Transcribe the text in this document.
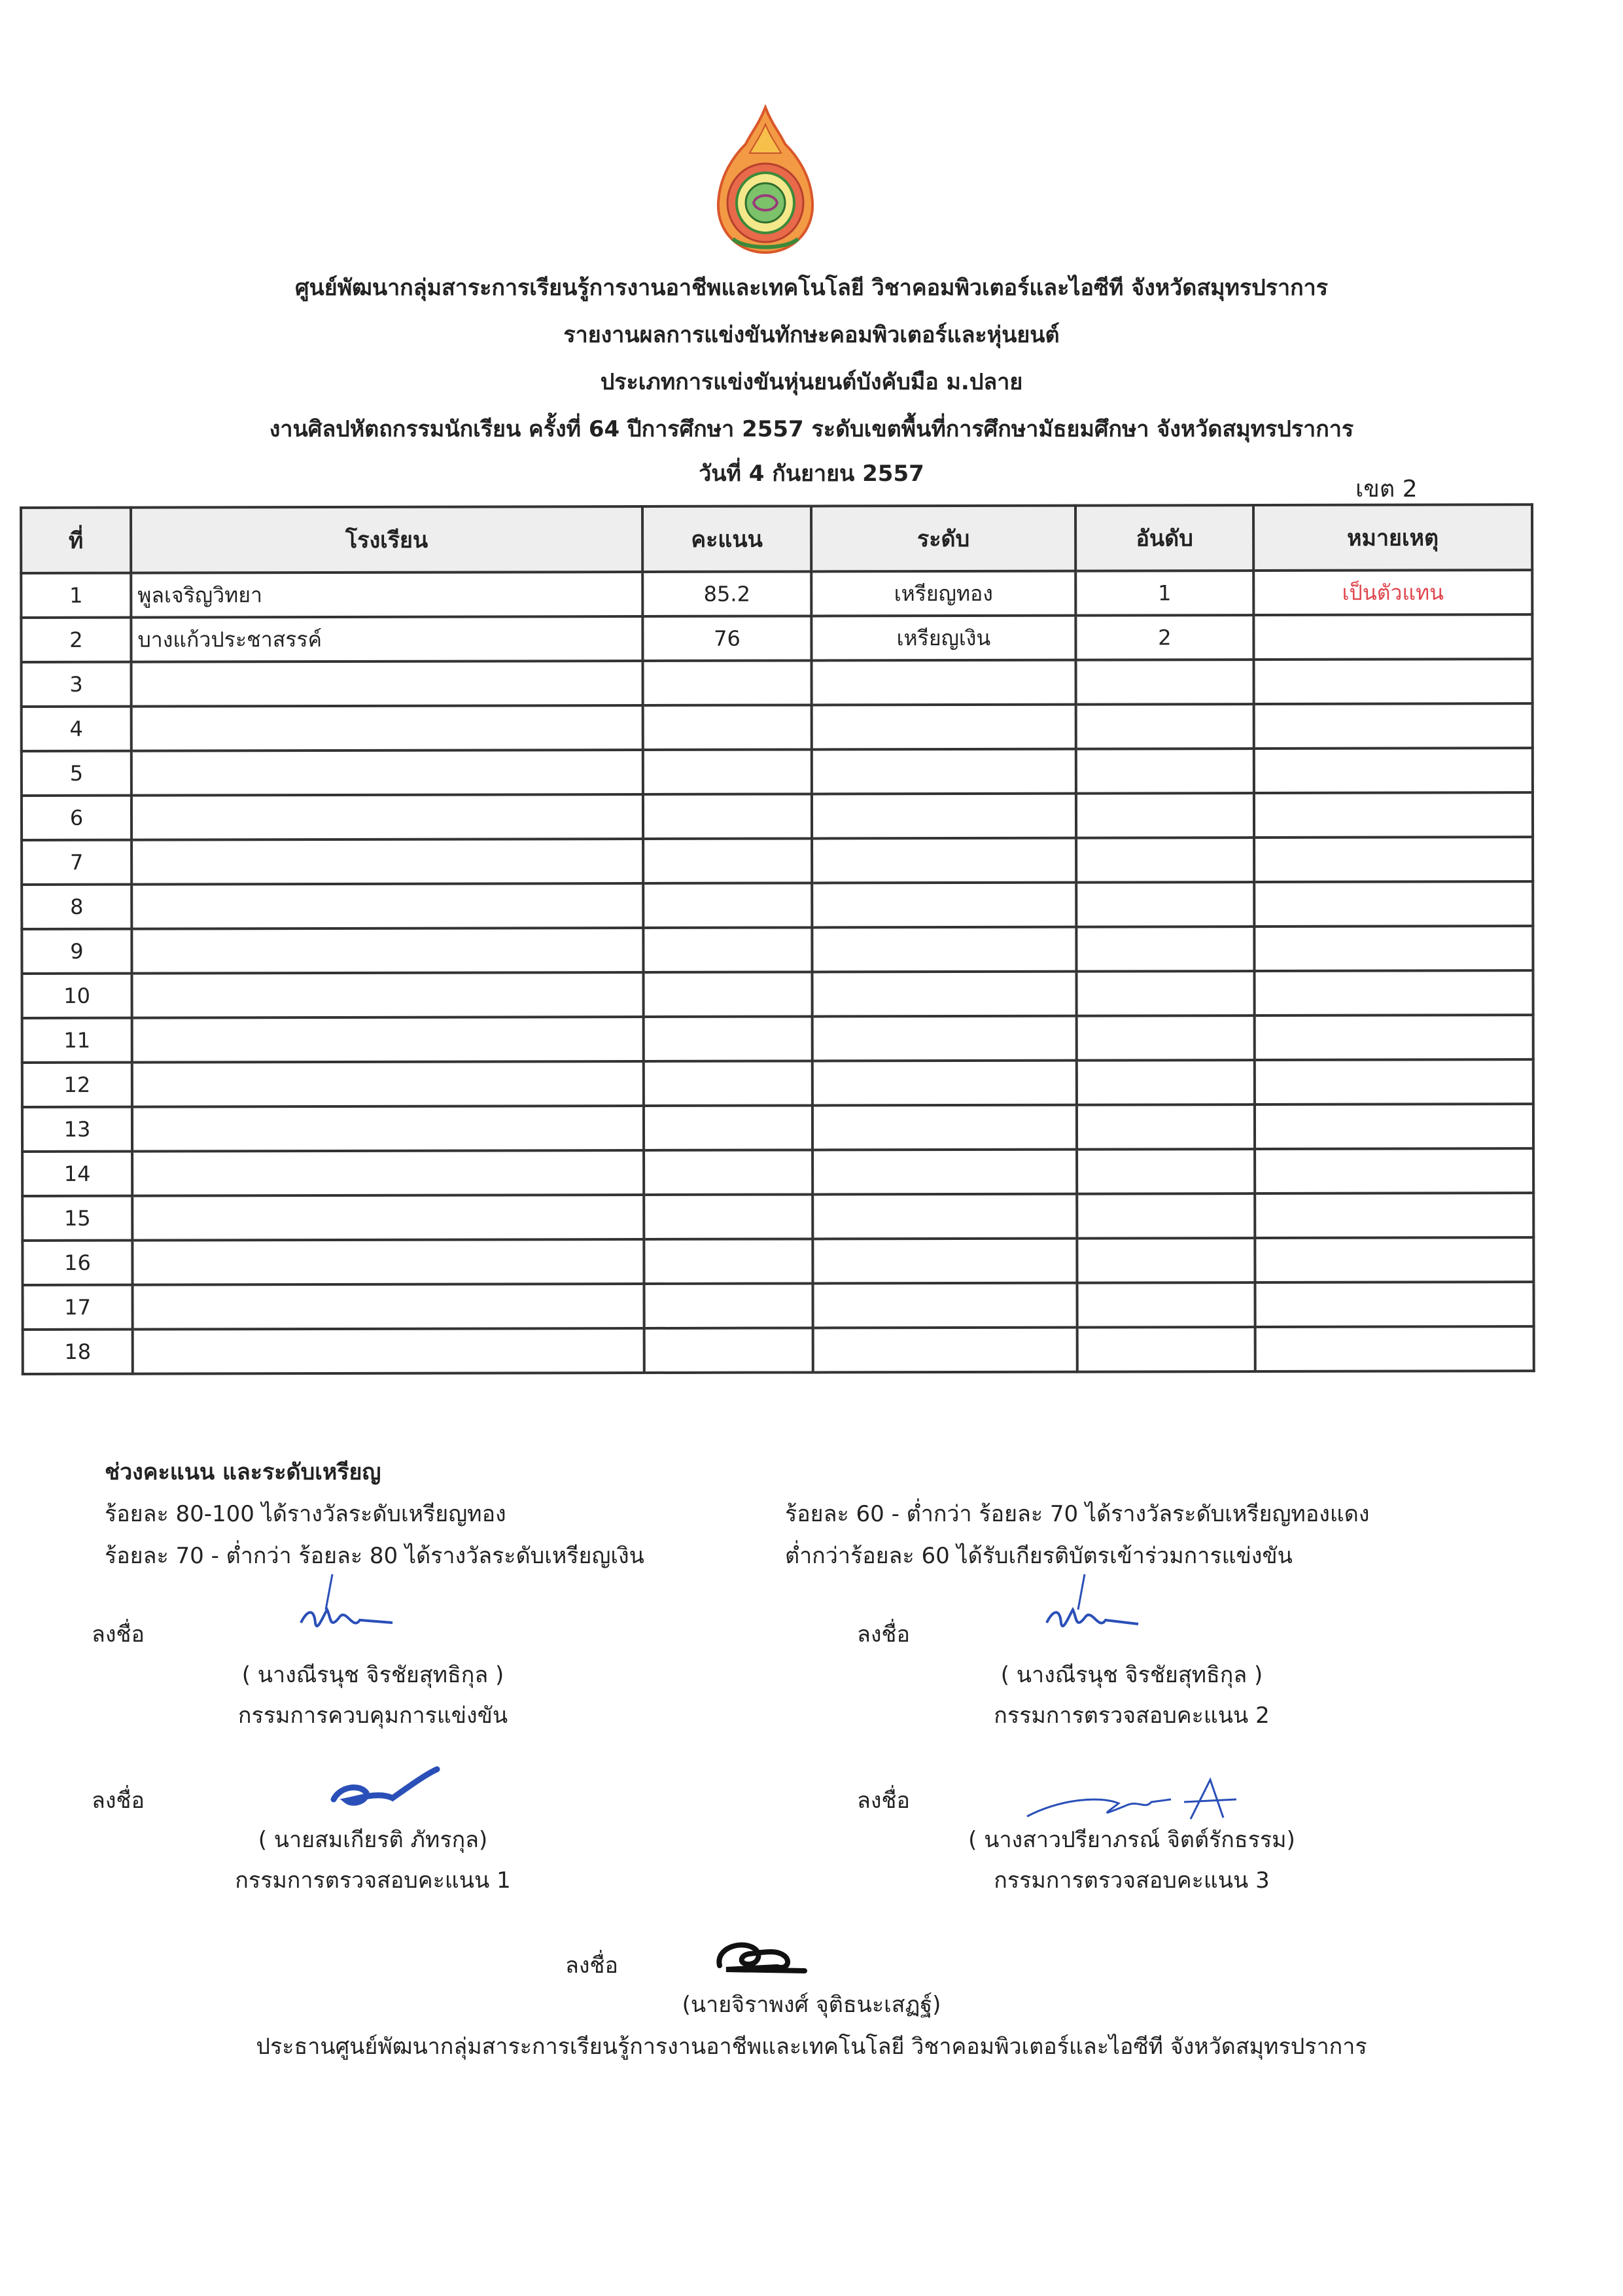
ศูนย์พัฒนากลุ่มสาระการเรียนรู้การงานอาชีพและเทคโนโลยี วิชาคอมพิวเตอร์และไอซีที จังหวัดสมุทรปราการ
รายงานผลการแข่งขันทักษะคอมพิวเตอร์และหุ่นยนต์
ประเภทการแข่งขันหุ่นยนต์บังคับมือ ม.ปลาย
งานศิลปหัตถกรรมนักเรียน ครั้งที่ 64 ปีการศึกษา 2557 ระดับเขตพื้นที่การศึกษามัธยมศึกษา จังหวัดสมุทรปราการ
วันที่ 4 กันยายน 2557
เขต 2
ที่	โรงเรียน	คะแนน	ระดับ	อันดับ	หมายเหตุ
1	พูลเจริญวิทยา	85.2	เหรียญทอง	1	เป็นตัวแทน
2	บางแก้วประชาสรรค์	76	เหรียญเงิน	2	
3					
4					
5					
6					
7					
8					
9					
10					
11					
12					
13					
14					
15					
16					
17					
18					
ช่วงคะแนน และระดับเหรียญ
ร้อยละ 80-100 ได้รางวัลระดับเหรียญทอง
ร้อยละ 70 - ต่ำกว่า ร้อยละ 80 ได้รางวัลระดับเหรียญเงิน
ร้อยละ 60 - ต่ำกว่า ร้อยละ 70 ได้รางวัลระดับเหรียญทองแดง
ต่ำกว่าร้อยละ 60 ได้รับเกียรติบัตรเข้าร่วมการแข่งขัน
ลงชื่อ
( นางณีรนุช จิรชัยสุทธิกุล )
กรรมการควบคุมการแข่งขัน
ลงชื่อ
( นางณีรนุช จิรชัยสุทธิกุล )
กรรมการตรวจสอบคะแนน 2
ลงชื่อ
( นายสมเกียรติ ภัทรกุล)
กรรมการตรวจสอบคะแนน 1
ลงชื่อ
( นางสาวปรียาภรณ์ จิตต์รักธรรม)
กรรมการตรวจสอบคะแนน 3
ลงชื่อ
(นายจิราพงศ์ จุติธนะเสฏฐ์)
ประธานศูนย์พัฒนากลุ่มสาระการเรียนรู้การงานอาชีพและเทคโนโลยี วิชาคอมพิวเตอร์และไอซีที จังหวัดสมุทรปราการ
